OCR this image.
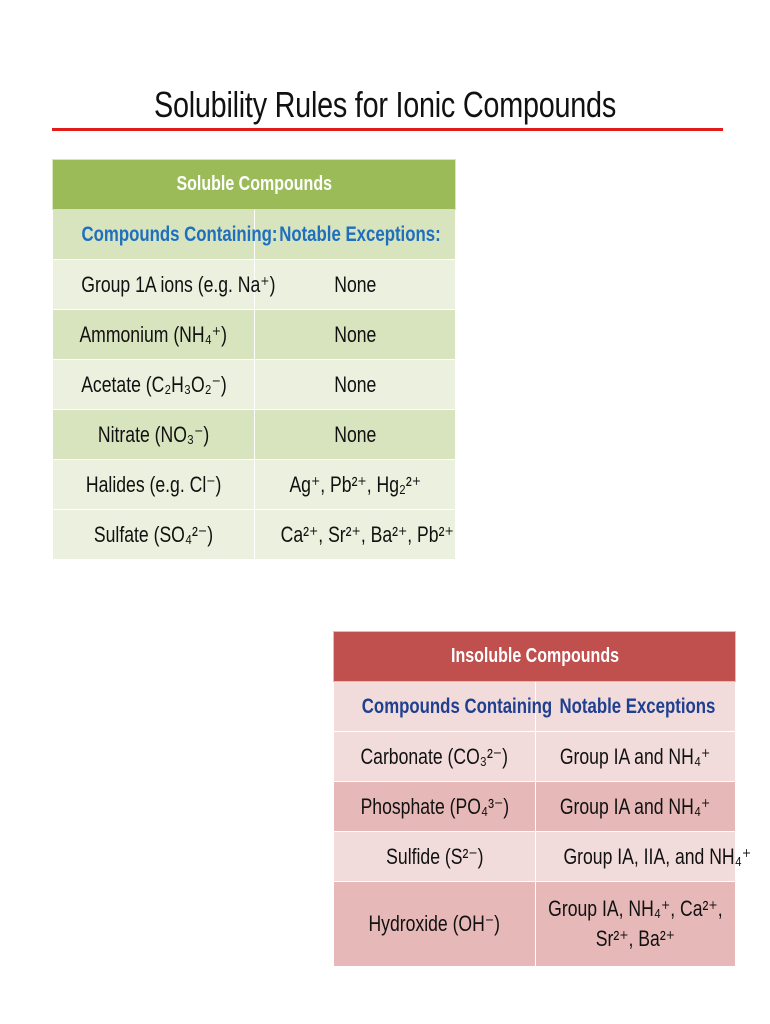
Solubility Rules for Ionic Compounds
Soluble Compounds	
Compounds Containing:	Notable Exceptions:
Group 1A ions (e.g. Na⁺)	None
Ammonium (NH₄⁺)	None
Acetate (C₂H₃O₂⁻)	None
Nitrate (NO₃⁻)	None
Halides (e.g. Cl⁻)	Ag⁺, Pb²⁺, Hg₂²⁺
Sulfate (SO₄²⁻)	Ca²⁺, Sr²⁺, Ba²⁺, Pb²⁺
Insoluble Compounds	
Compounds Containing	Notable Exceptions
Carbonate (CO₃²⁻)	Group IA and NH₄⁺
Phosphate (PO₄³⁻)	Group IA and NH₄⁺
Sulfide (S²⁻)	Group IA, IIA, and NH₄⁺
Hydroxide (OH⁻)	Group IA, NH₄⁺, Ca²⁺, Sr²⁺, Ba²⁺
